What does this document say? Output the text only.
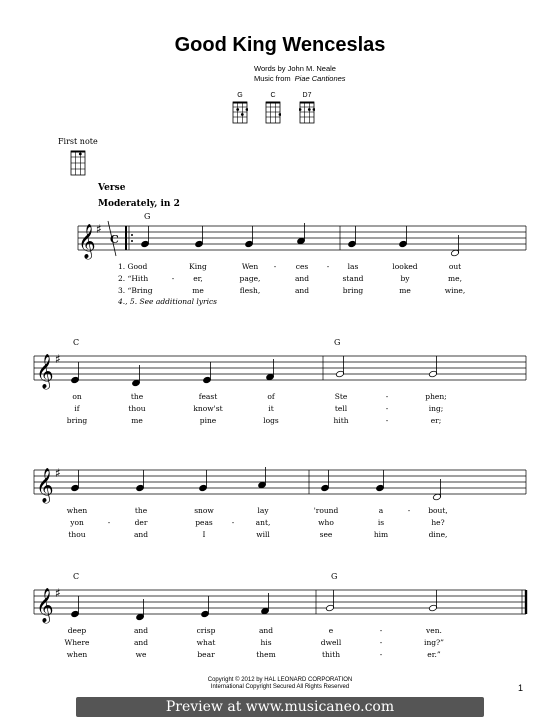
Good King Wenceslas
Words by John M. Neale
Music from Piae Cantiones
G	C	D7
First note
Verse
Moderately, in 2
G
𝄞 ♯
C
1. Good	King	Wen -	ces - las	looked	out
2. “Hith	-	er,	page,	and	stand	by	me,
3. “Bring	me	flesh,	and	bring	me	wine,
4., 5. See additional lyrics
C	G
𝄞 ♯
on	the	feast	of	Ste	-	phen;
if	thou	know'st	it	tell	-	ing;
bring	me	pine	logs	hith	-	er;
𝄞 ♯
when	the	snow	lay	'round	a	- bout,
yon	-	der	peas	-	ant,	who	is	he?
thou	and	I	will	see	him	dine,
C	G
𝄞 ♯
deep	and	crisp	and	e	-	ven.
Where	and	what	his	dwell	-	ing?”
when	we	bear	them	thith	-	er.”
Copyright © 2012 by HAL LEONARD CORPORATION
International Copyright Secured All Rights Reserved	1
Preview at www.musicaneo.com
